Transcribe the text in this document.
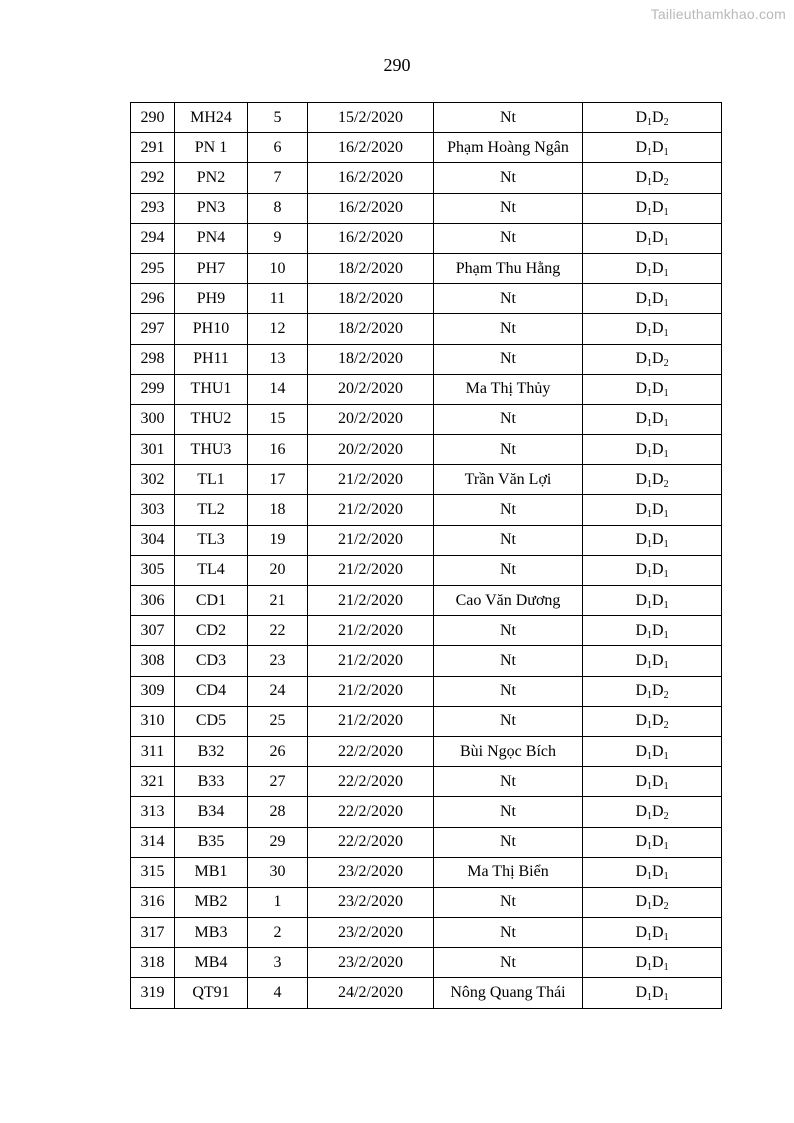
Tailieuthamkhao.com
290
290	MH24	5	15/2/2020	Nt	$D_1D_2$
291	PN 1	6	16/2/2020	Phạm Hoàng Ngân	$D_1D_1$
292	PN2	7	16/2/2020	Nt	$D_1D_2$
293	PN3	8	16/2/2020	Nt	$D_1D_1$
294	PN4	9	16/2/2020	Nt	$D_1D_1$
295	PH7	10	18/2/2020	Phạm Thu Hằng	$D_1D_1$
296	PH9	11	18/2/2020	Nt	$D_1D_1$
297	PH10	12	18/2/2020	Nt	$D_1D_1$
298	PH11	13	18/2/2020	Nt	$D_1D_2$
299	THU1	14	20/2/2020	Ma Thị Thủy	$D_1D_1$
300	THU2	15	20/2/2020	Nt	$D_1D_1$
301	THU3	16	20/2/2020	Nt	$D_1D_1$
302	TL1	17	21/2/2020	Trần Văn Lợi	$D_1D_2$
303	TL2	18	21/2/2020	Nt	$D_1D_1$
304	TL3	19	21/2/2020	Nt	$D_1D_1$
305	TL4	20	21/2/2020	Nt	$D_1D_1$
306	CD1	21	21/2/2020	Cao Văn Dương	$D_1D_1$
307	CD2	22	21/2/2020	Nt	$D_1D_1$
308	CD3	23	21/2/2020	Nt	$D_1D_1$
309	CD4	24	21/2/2020	Nt	$D_1D_2$
310	CD5	25	21/2/2020	Nt	$D_1D_2$
311	B32	26	22/2/2020	Bùi Ngọc Bích	$D_1D_1$
321	B33	27	22/2/2020	Nt	$D_1D_1$
313	B34	28	22/2/2020	Nt	$D_1D_2$
314	B35	29	22/2/2020	Nt	$D_1D_1$
315	MB1	30	23/2/2020	Ma Thị Biển	$D_1D_1$
316	MB2	1	23/2/2020	Nt	$D_1D_2$
317	MB3	2	23/2/2020	Nt	$D_1D_1$
318	MB4	3	23/2/2020	Nt	$D_1D_1$
319	QT91	4	24/2/2020	Nông Quang Thái	$D_1D_1$
